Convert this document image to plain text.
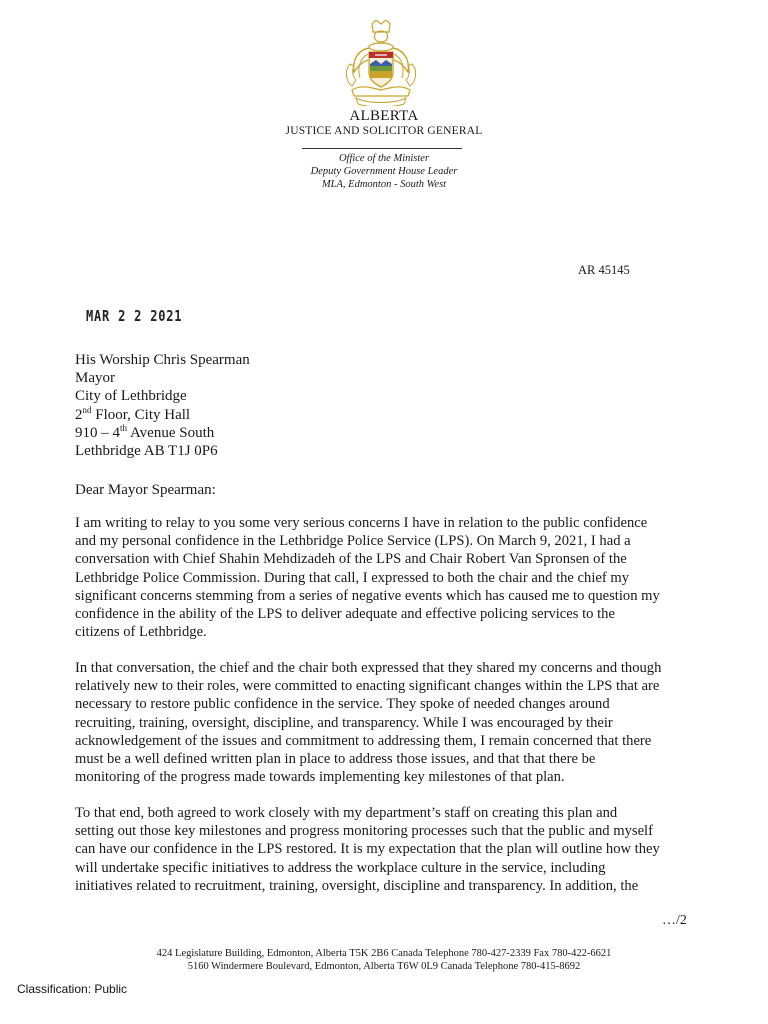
ALBERTA
JUSTICE AND SOLICITOR GENERAL
Office of the Minister
Deputy Government House Leader
MLA, Edmonton - South West
AR 45145
MAR 2 2 2021
His Worship Chris Spearman
Mayor
City of Lethbridge
2nd Floor, City Hall
910 – 4th Avenue South
Lethbridge AB T1J 0P6
Dear Mayor Spearman:
I am writing to relay to you some very serious concerns I have in relation to the public confidence
and my personal confidence in the Lethbridge Police Service (LPS). On March 9, 2021, I had a
conversation with Chief Shahin Mehdizadeh of the LPS and Chair Robert Van Spronsen of the
Lethbridge Police Commission. During that call, I expressed to both the chair and the chief my
significant concerns stemming from a series of negative events which has caused me to question my
confidence in the ability of the LPS to deliver adequate and effective policing services to the
citizens of Lethbridge.
In that conversation, the chief and the chair both expressed that they shared my concerns and though
relatively new to their roles, were committed to enacting significant changes within the LPS that are
necessary to restore public confidence in the service. They spoke of needed changes around
recruiting, training, oversight, discipline, and transparency. While I was encouraged by their
acknowledgement of the issues and commitment to addressing them, I remain concerned that there
must be a well defined written plan in place to address those issues, and that that there be
monitoring of the progress made towards implementing key milestones of that plan.
To that end, both agreed to work closely with my department’s staff on creating this plan and
setting out those key milestones and progress monitoring processes such that the public and myself
can have our confidence in the LPS restored. It is my expectation that the plan will outline how they
will undertake specific initiatives to address the workplace culture in the service, including
initiatives related to recruitment, training, oversight, discipline and transparency. In addition, the
…/2
424 Legislature Building, Edmonton, Alberta T5K 2B6 Canada Telephone 780-427-2339 Fax 780-422-6621
5160 Windermere Boulevard, Edmonton, Alberta T6W 0L9 Canada Telephone 780-415-8692
Classification: Public
